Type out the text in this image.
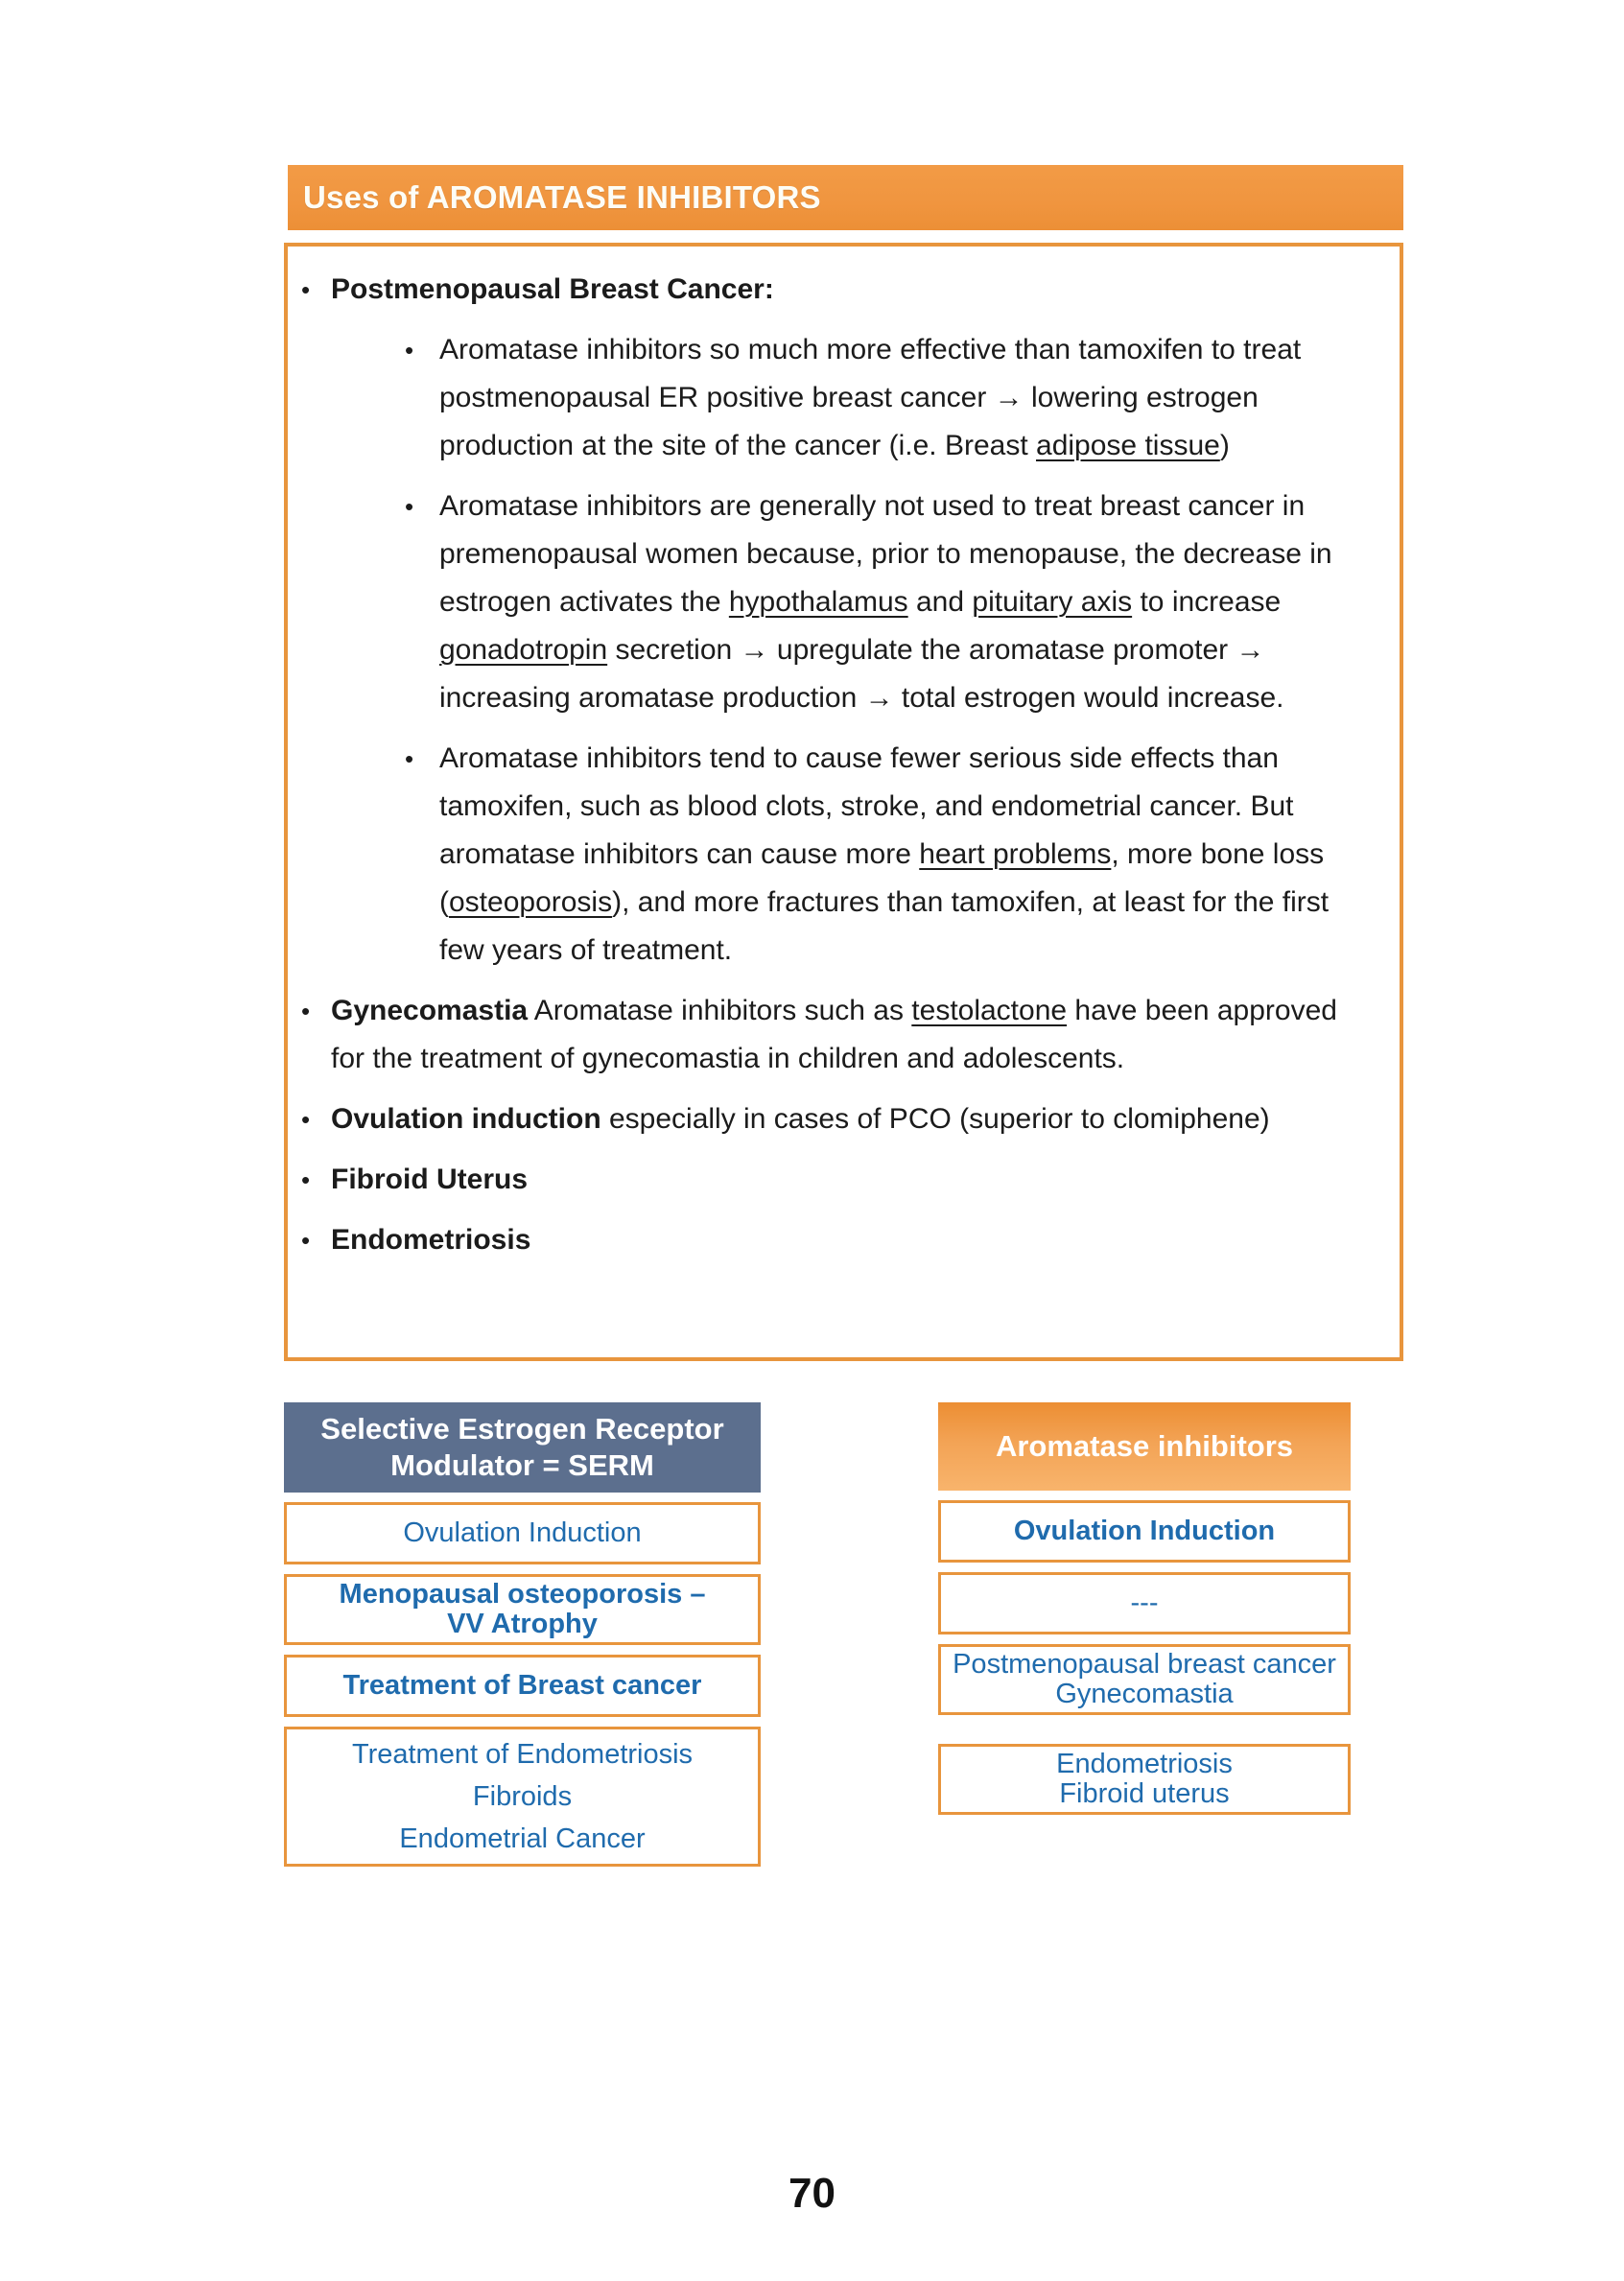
Uses of AROMATASE INHIBITORS
• Postmenopausal Breast Cancer:
• Aromatase inhibitors so much more effective than tamoxifen to treat postmenopausal ER positive breast cancer → lowering estrogen production at the site of the cancer (i.e. Breast adipose tissue)
• Aromatase inhibitors are generally not used to treat breast cancer in premenopausal women because, prior to menopause, the decrease in estrogen activates the hypothalamus and pituitary axis to increase gonadotropin secretion → upregulate the aromatase promoter → increasing aromatase production → total estrogen would increase.
• Aromatase inhibitors tend to cause fewer serious side effects than tamoxifen, such as blood clots, stroke, and endometrial cancer. But aromatase inhibitors can cause more heart problems, more bone loss (osteoporosis), and more fractures than tamoxifen, at least for the first few years of treatment.
• Gynecomastia Aromatase inhibitors such as testolactone have been approved for the treatment of gynecomastia in children and adolescents.
• Ovulation induction especially in cases of PCO (superior to clomiphene)
• Fibroid Uterus
• Endometriosis
Selective Estrogen Receptor Modulator = SERM
Ovulation Induction
Menopausal osteoporosis –
VV Atrophy
Treatment of Breast cancer
Treatment of Endometriosis
Fibroids
Endometrial Cancer
Aromatase inhibitors
Ovulation Induction
---
Postmenopausal breast cancer
Gynecomastia
Endometriosis
Fibroid uterus
70
